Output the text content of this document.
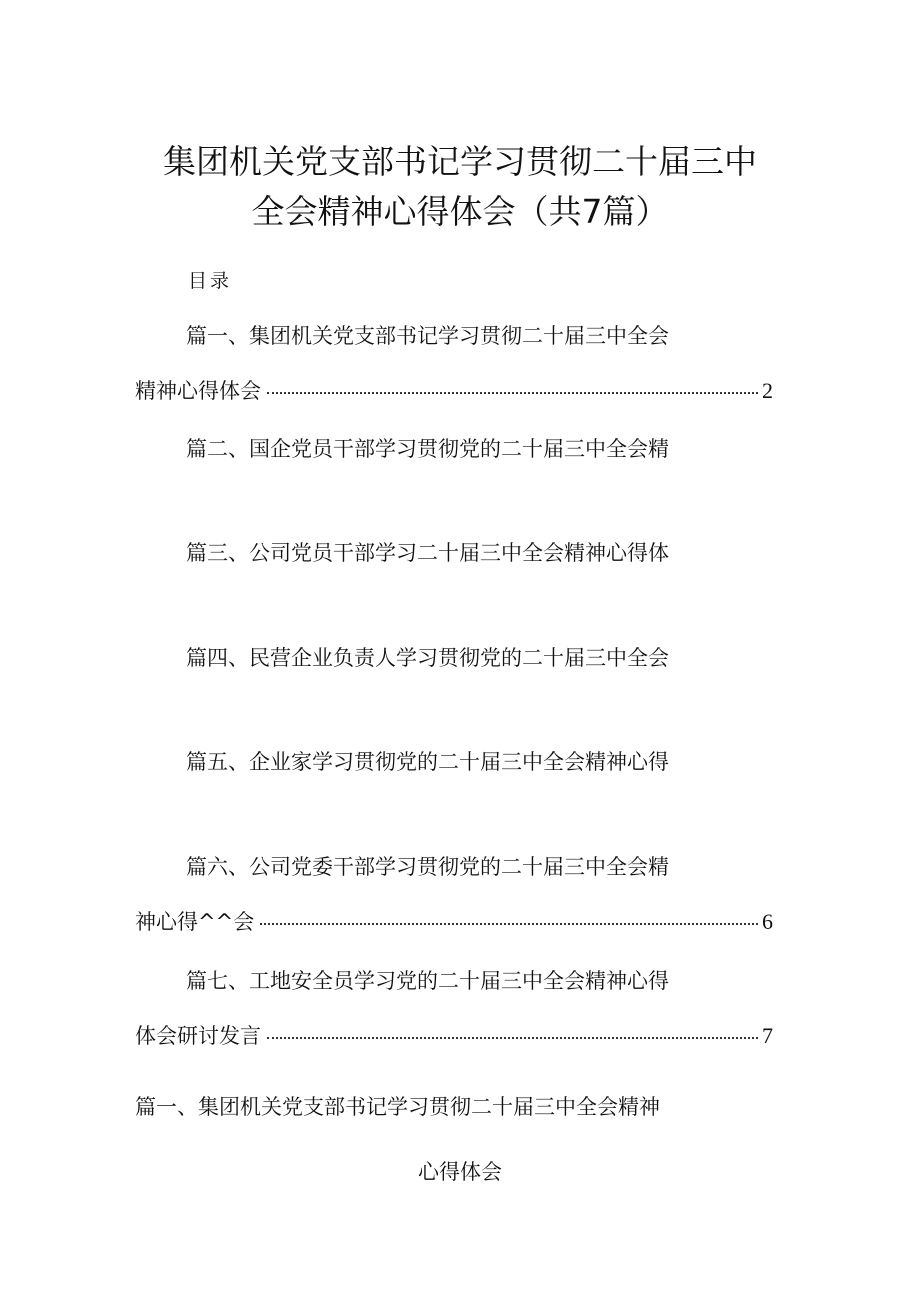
集团机关党支部书记学习贯彻二十届三中
全会精神心得体会（共7篇）
目录
篇一、集团机关党支部书记学习贯彻二十届三中全会
精神心得体会	2
篇二、国企党员干部学习贯彻党的二十届三中全会精
篇三、公司党员干部学习二十届三中全会精神心得体
篇四、民营企业负责人学习贯彻党的二十届三中全会
篇五、企业家学习贯彻党的二十届三中全会精神心得
篇六、公司党委干部学习贯彻党的二十届三中全会精
神心得^^会	6
篇七、工地安全员学习党的二十届三中全会精神心得
体会研讨发言	7
篇一、集团机关党支部书记学习贯彻二十届三中全会精神
心得体会
